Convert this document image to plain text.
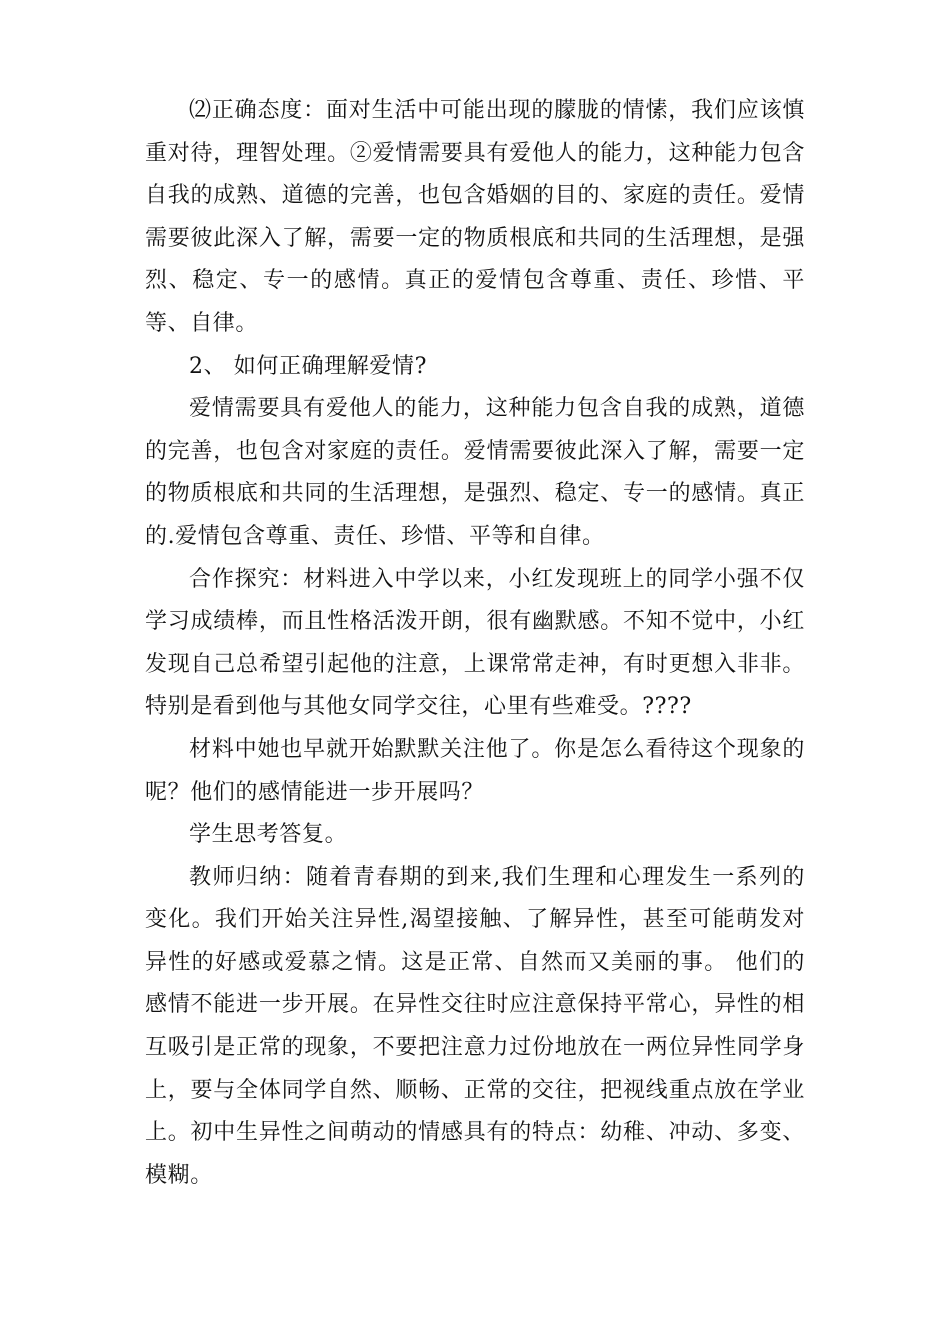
⑵正确态度：面对生活中可能出现的朦胧的情愫，我们应该慎重对待，理智处理。②爱情需要具有爱他人的能力，这种能力包含自我的成熟、道德的完善，也包含婚姻的目的、家庭的责任。爱情需要彼此深入了解，需要一定的物质根底和共同的生活理想，是强烈、稳定、专一的感情。真正的爱情包含尊重、责任、珍惜、平等、自律。

2、 如何正确理解爱情?

爱情需要具有爱他人的能力，这种能力包含自我的成熟，道德的完善，也包含对家庭的责任。爱情需要彼此深入了解，需要一定的物质根底和共同的生活理想，是强烈、稳定、专一的感情。真正的.爱情包含尊重、责任、珍惜、平等和自律。

合作探究：材料进入中学以来，小红发现班上的同学小强不仅学习成绩棒，而且性格活泼开朗，很有幽默感。不知不觉中，小红发现自己总希望引起他的注意，上课常常走神，有时更想入非非。特别是看到他与其他女同学交往，心里有些难受。????

材料中她也早就开始默默关注他了。你是怎么看待这个现象的呢？他们的感情能进一步开展吗？

学生思考答复。

教师归纳：随着青春期的到来,我们生理和心理发生一系列的变化。我们开始关注异性,渴望接触、了解异性，甚至可能萌发对异性的好感或爱慕之情。这是正常、自然而又美丽的事。 他们的感情不能进一步开展。在异性交往时应注意保持平常心，异性的相互吸引是正常的现象，不要把注意力过份地放在一两位异性同学身上，要与全体同学自然、顺畅、正常的交往，把视线重点放在学业上。初中生异性之间萌动的情感具有的特点：幼稚、冲动、多变、模糊。
